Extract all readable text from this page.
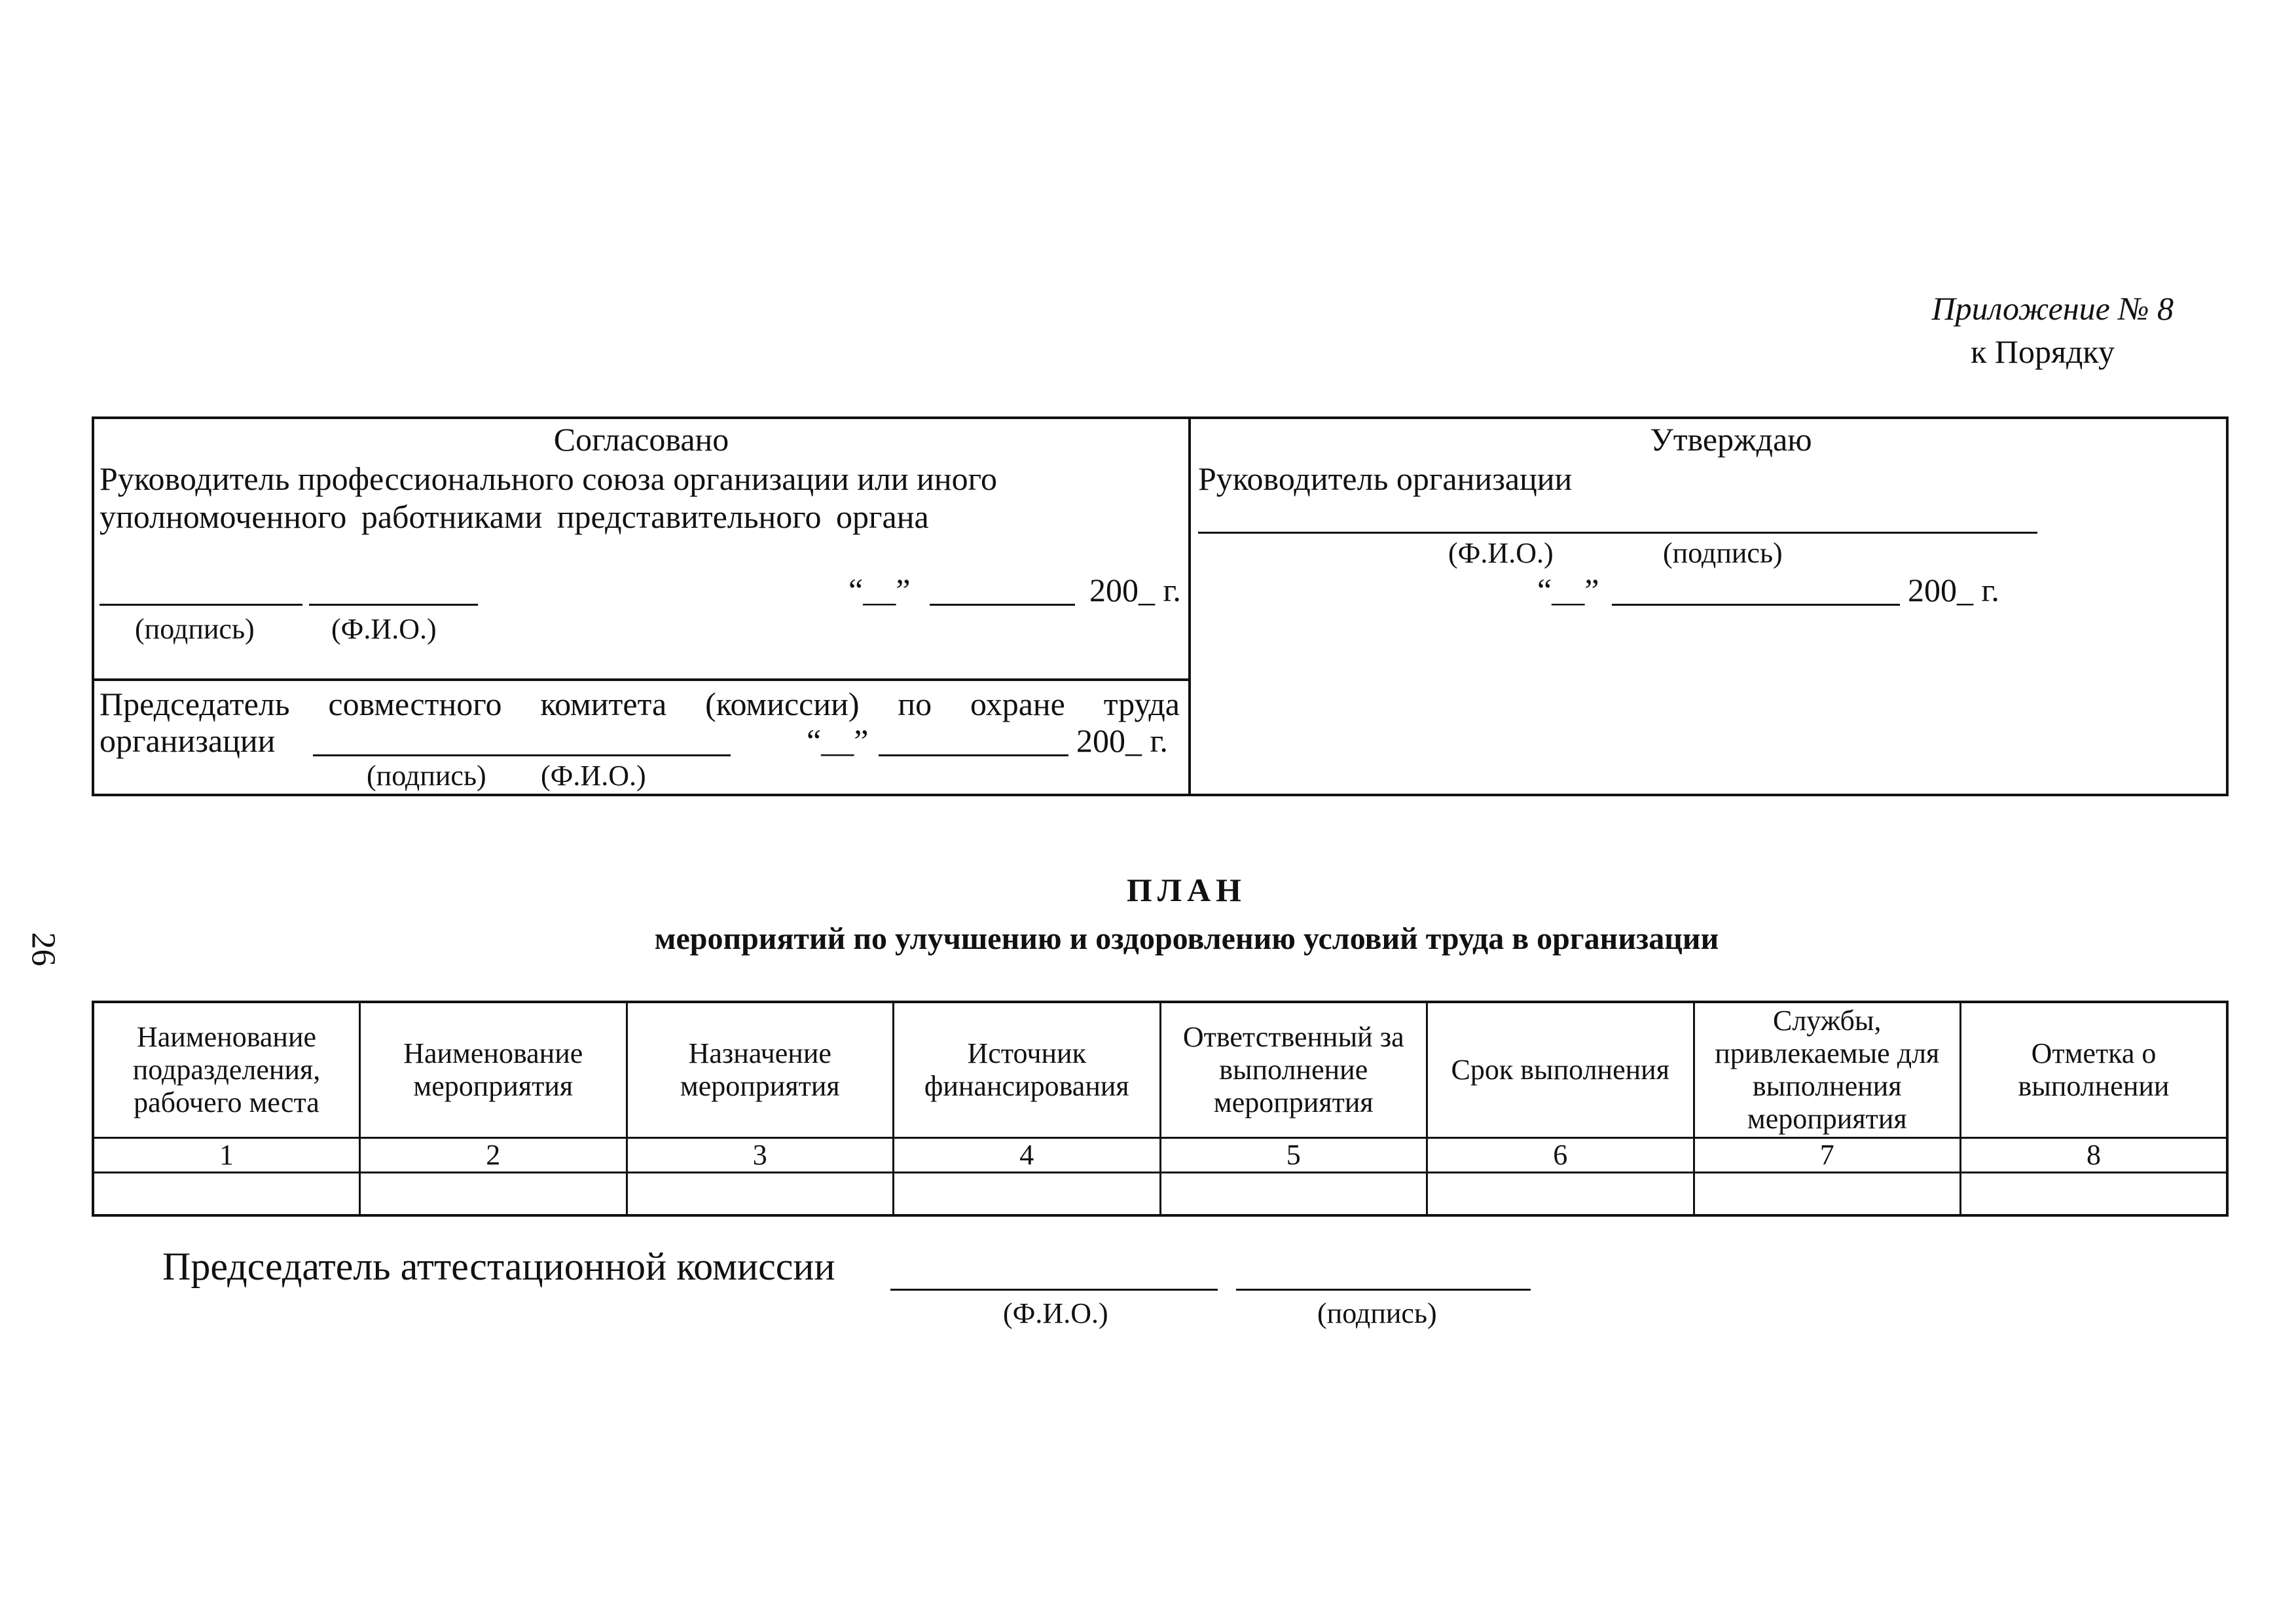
Приложение № 8
к Порядку
26
Согласовано
Руководитель профессионального союза организации или иного
уполномоченного работниками представительного органа
“__”	200_ г.
(подпись)	(Ф.И.О.)
Председатель совместного комитета (комиссии) по охране труда
организации	“__”	200_ г.
(подпись) (Ф.И.О.)
Утверждаю
Руководитель организации
(Ф.И.О.)	(подпись)
“__”	200_ г.
ПЛАН
мероприятий по улучшению и оздоровлению условий труда в организации
Наименование подразделения, рабочего места	Наименование мероприятия	Назначение мероприятия	Источник финансирования	Ответственный за выполнение мероприятия	Срок выполнения	Службы, привлекаемые для выполнения мероприятия	Отметка о выполнении
1	2	3	4	5	6	7	8

Председатель аттестационной комиссии
(Ф.И.О.)	(подпись)
